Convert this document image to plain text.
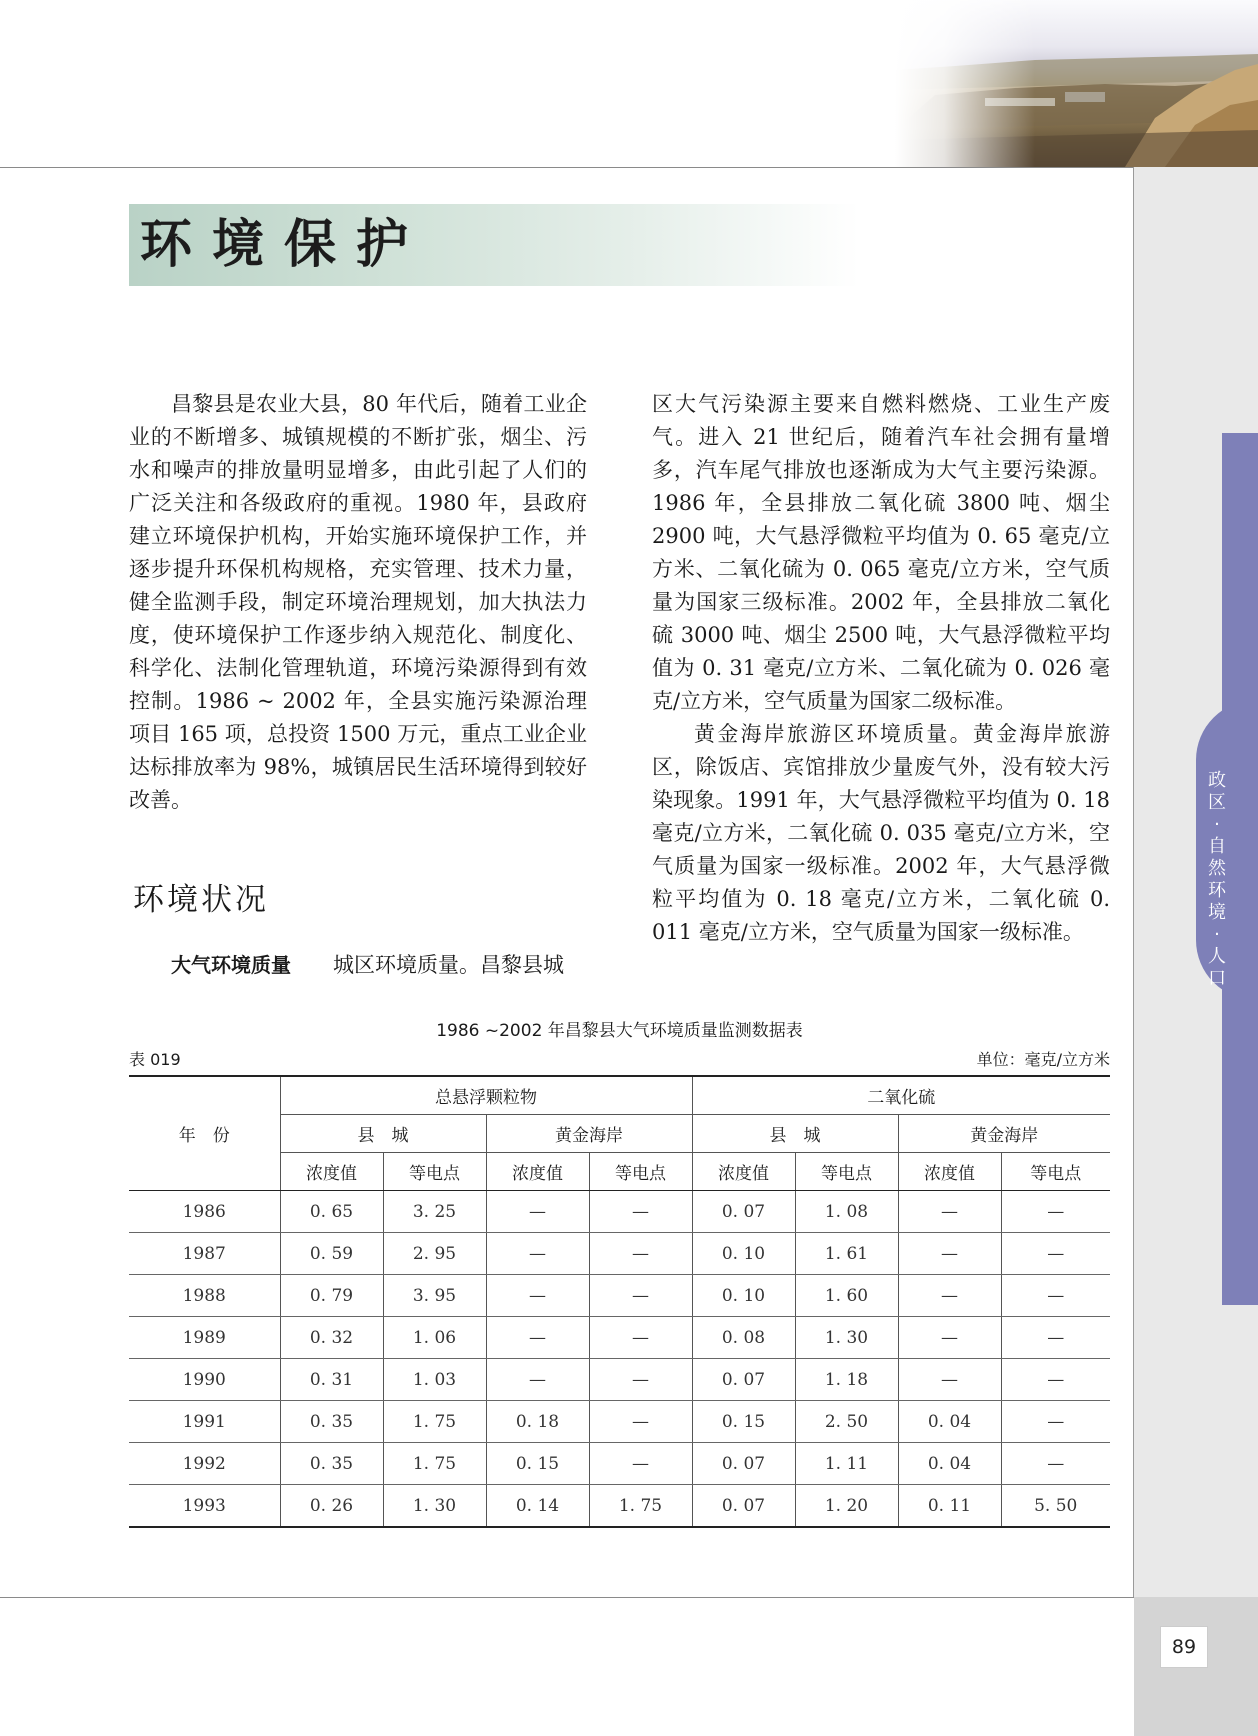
环境保护

昌黎县是农业大县，80 年代后，随着工业企业的不断增多、城镇规模的不断扩张，烟尘、污水和噪声的排放量明显增多，由此引起了人们的广泛关注和各级政府的重视。1980 年，县政府建立环境保护机构，开始实施环境保护工作，并逐步提升环保机构规格，充实管理、技术力量，健全监测手段，制定环境治理规划，加大执法力度，使环境保护工作逐步纳入规范化、制度化、科学化、法制化管理轨道，环境污染源得到有效控制。1986 ~ 2002 年，全县实施污染源治理项目 165 项，总投资 1500 万元，重点工业企业达标排放率为 98%，城镇居民生活环境得到较好改善。

环境状况
大气环境质量　　 城区环境质量。昌黎县城

区大气污染源主要来自燃料燃烧、工业生产废气。进入 21 世纪后，随着汽车社会拥有量增多，汽车尾气排放也逐渐成为大气主要污染源。1986 年，全县排放二氧化硫 3800 吨、烟尘 2900 吨，大气悬浮微粒平均值为 0. 65 毫克/立方米、二氧化硫为 0. 065 毫克/立方米，空气质量为国家三级标准。2002 年，全县排放二氧化硫 3000 吨、烟尘 2500 吨，大气悬浮微粒平均值为 0. 31 毫克/立方米、二氧化硫为 0. 026 毫克/立方米，空气质量为国家二级标准。

黄金海岸旅游区环境质量。黄金海岸旅游区，除饭店、宾馆排放少量废气外，没有较大污染现象。1991 年，大气悬浮微粒平均值为 0. 18 毫克/立方米，二氧化硫 0. 035 毫克/立方米，空气质量为国家一级标准。2002 年，大气悬浮微粒平均值为 0. 18 毫克/立方米，二氧化硫 0. 011 毫克/立方米，空气质量为国家一级标准。

1986 ~2002 年昌黎县大气环境质量监测数据表
表 019	单位：毫克/立方米
年　份	总悬浮颗粒物				二氧化硫			
	县　城		黄金海岸		县　城		黄金海岸	
	浓度值	等电点	浓度值	等电点	浓度值	等电点	浓度值	等电点
1986	0. 65	3. 25	—	—	0. 07	1. 08	—	—
1987	0. 59	2. 95	—	—	0. 10	1. 61	—	—
1988	0. 79	3. 95	—	—	0. 10	1. 60	—	—
1989	0. 32	1. 06	—	—	0. 08	1. 30	—	—
1990	0. 31	1. 03	—	—	0. 07	1. 18	—	—
1991	0. 35	1. 75	0. 18	—	0. 15	2. 50	0. 04	—
1992	0. 35	1. 75	0. 15	—	0. 07	1. 11	0. 04	—
1993	0. 26	1. 30	0. 14	1. 75	0. 07	1. 20	0. 11	5. 50
政
区
·
自
然
环
境
·
人
口
89
